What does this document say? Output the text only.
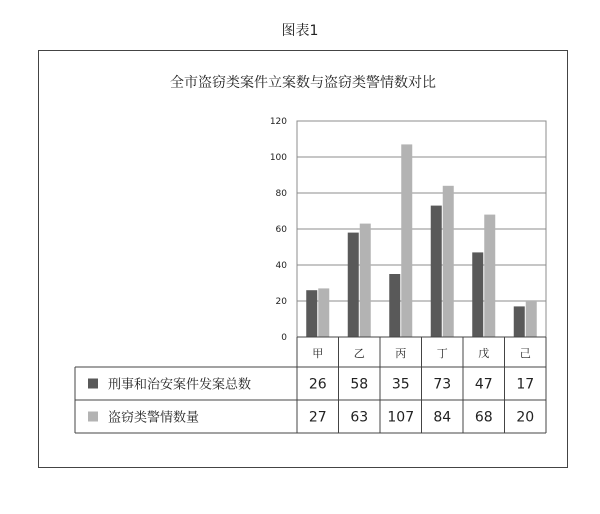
图表1
全市盗窃类案件立案数与盗窃类警情数对比
0
20
40
60
80
100
120
甲	乙	丙	丁	戊	己
刑事和治安案件发案总数	26 58 35 73 47 17
盗窃类警情数量	27 63 107 84 68 20
